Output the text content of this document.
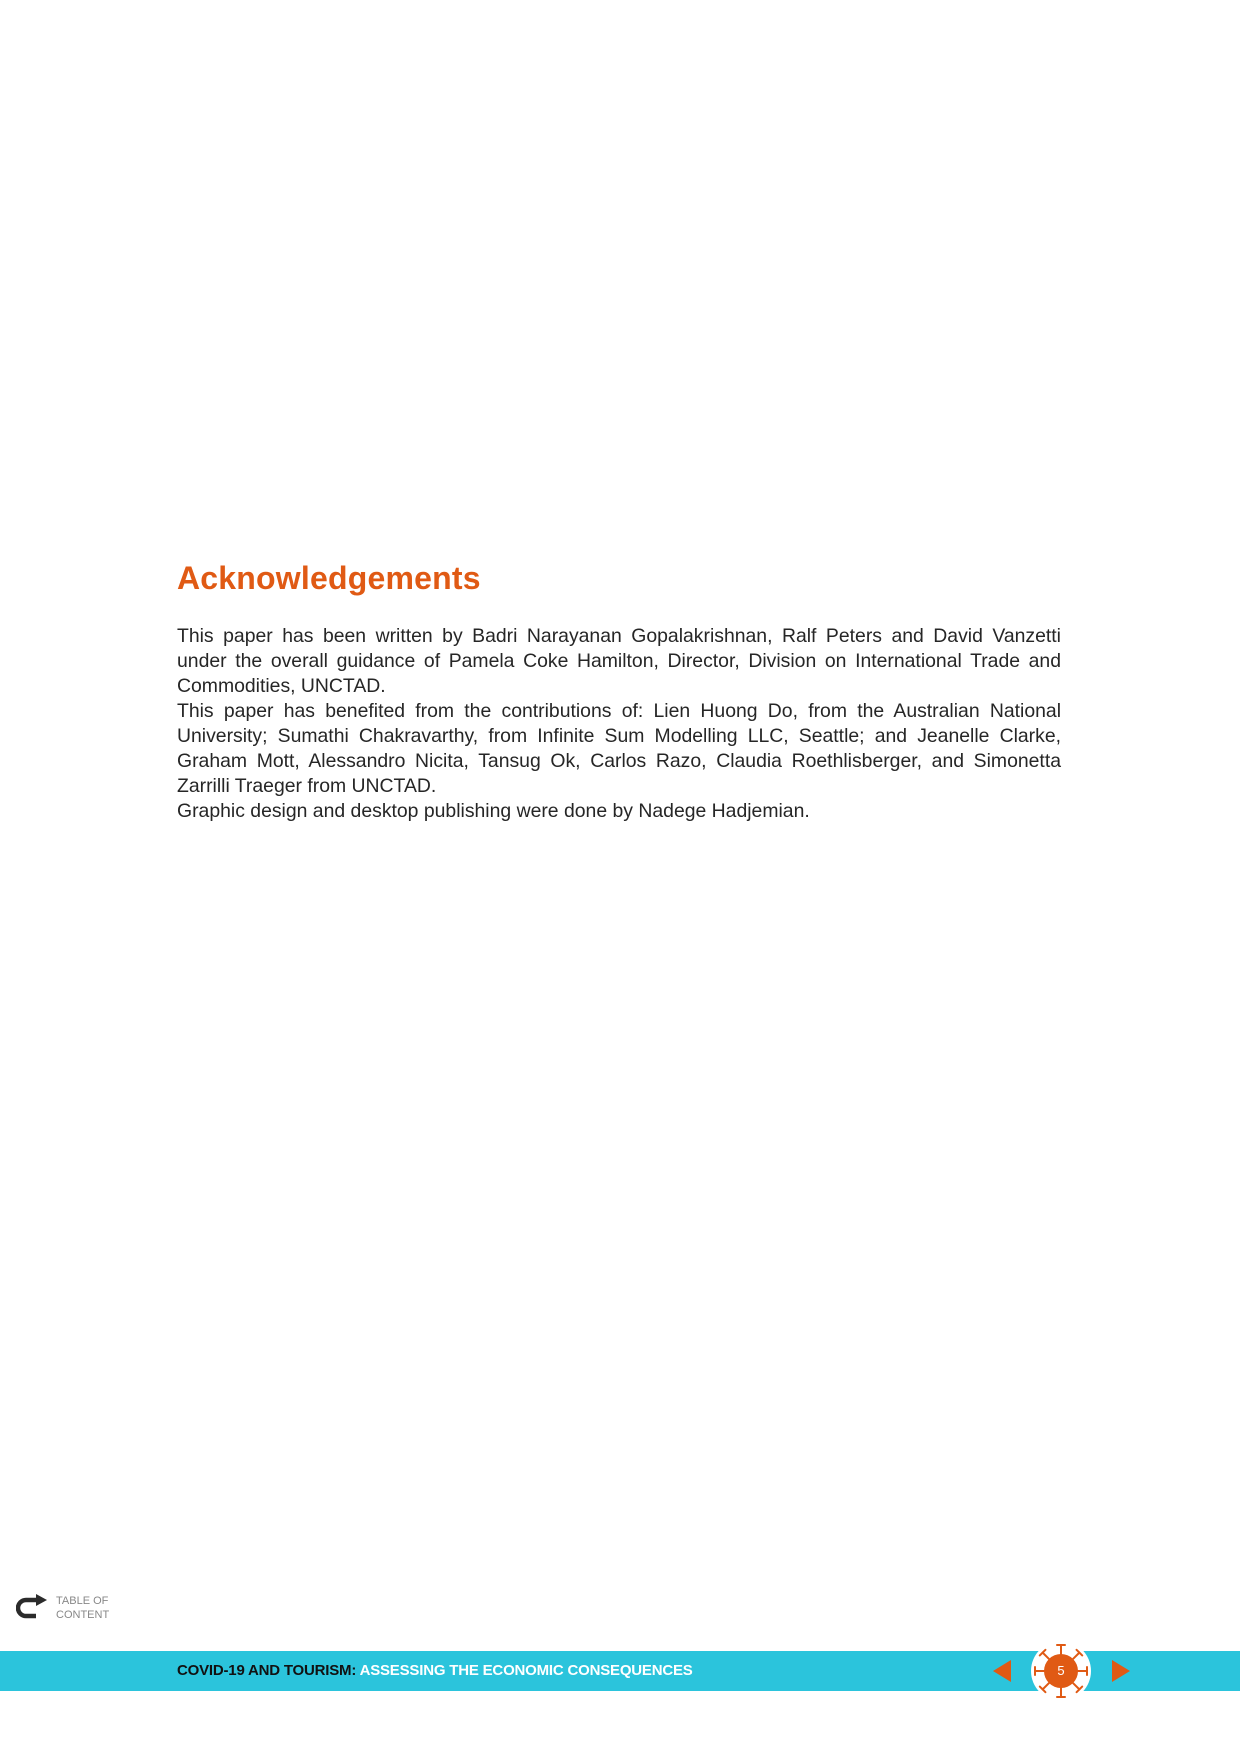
Acknowledgements

This paper has been written by Badri Narayanan Gopalakrishnan, Ralf Peters and David Vanzetti under the overall guidance of Pamela Coke Hamilton, Director, Division on International Trade and Commodities, UNCTAD.

This paper has benefited from the contributions of: Lien Huong Do, from the Australian National University; Sumathi Chakravarthy, from Infinite Sum Modelling LLC, Seattle; and Jeanelle Clarke, Graham Mott, Alessandro Nicita, Tansug Ok, Carlos Razo, Claudia Roethlisberger, and Simonetta Zarrilli Traeger from UNCTAD.

Graphic design and desktop publishing were done by Nadege Hadjemian.

TABLE OF
CONTENT
COVID-19 AND TOURISM: ASSESSING THE ECONOMIC CONSEQUENCES	5
